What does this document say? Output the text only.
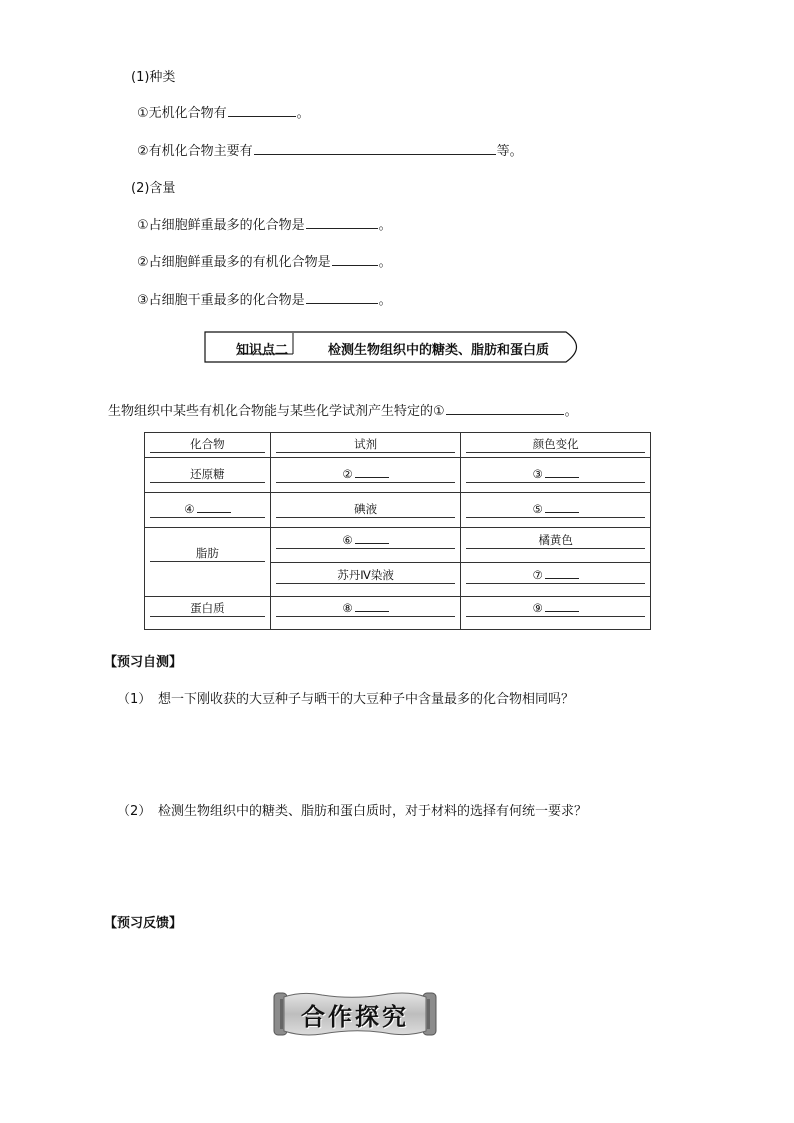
(1)种类
①无机化合物有	。
②有机化合物主要有	等。
(2)含量
①占细胞鲜重最多的化合物是	。
②占细胞鲜重最多的有机化合物是	。
③占细胞干重最多的化合物是	。
知识点二	检测生物组织中的糖类、脂肪和蛋白质
生物组织中某些有机化合物能与某些化学试剂产生特定的①	。
化合物	试剂	颜色变化

还原糖	②	③

④	碘液	⑤

脂肪	⑥	橘黄色

	苏丹Ⅳ染液	⑦

蛋白质	⑧	⑨
【预习自测】
（1） 想一下刚收获的大豆种子与晒干的大豆种子中含量最多的化合物相同吗？
（2） 检测生物组织中的糖类、脂肪和蛋白质时，对于材料的选择有何统一要求？
【预习反馈】
合作探究
